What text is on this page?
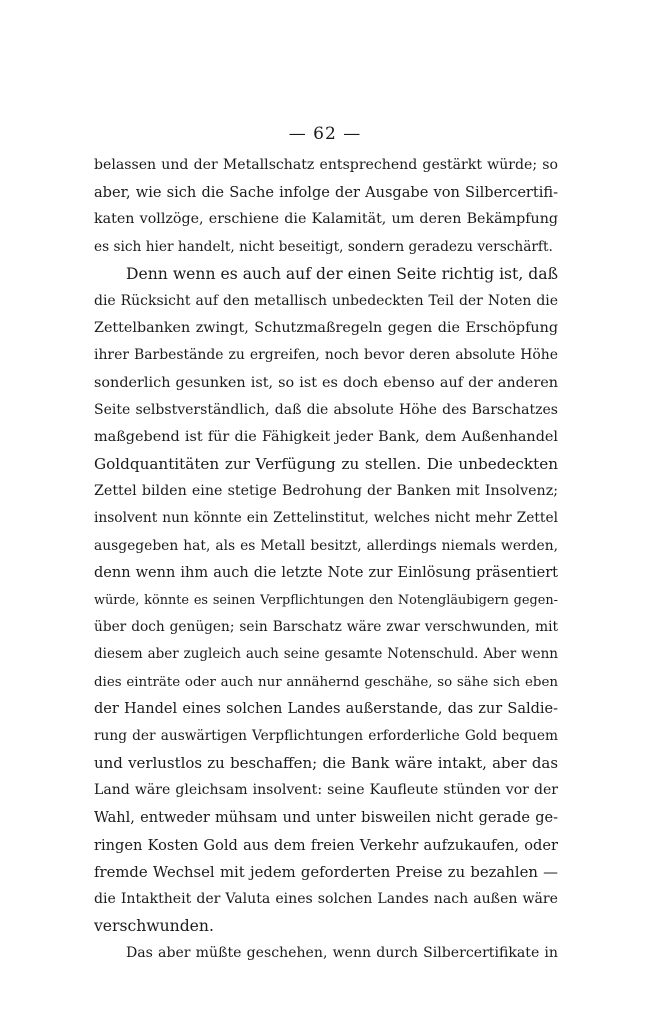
— 62 —
belassen und der Metallschatz entsprechend gestärkt würde; so
aber, wie sich die Sache infolge der Ausgabe von Silbercertifi-
katen vollzöge, erschiene die Kalamität, um deren Bekämpfung
es sich hier handelt, nicht beseitigt, sondern geradezu verschärft.
Denn wenn es auch auf der einen Seite richtig ist, daß
die Rücksicht auf den metallisch unbedeckten Teil der Noten die
Zettelbanken zwingt, Schutzmaßregeln gegen die Erschöpfung
ihrer Barbestände zu ergreifen, noch bevor deren absolute Höhe
sonderlich gesunken ist, so ist es doch ebenso auf der anderen
Seite selbstverständlich, daß die absolute Höhe des Barschatzes
maßgebend ist für die Fähigkeit jeder Bank, dem Außenhandel
Goldquantitäten zur Verfügung zu stellen. Die unbedeckten
Zettel bilden eine stetige Bedrohung der Banken mit Insolvenz;
insolvent nun könnte ein Zettelinstitut, welches nicht mehr Zettel
ausgegeben hat, als es Metall besitzt, allerdings niemals werden,
denn wenn ihm auch die letzte Note zur Einlösung präsentiert
würde, könnte es seinen Verpflichtungen den Notengläubigern gegen-
über doch genügen; sein Barschatz wäre zwar verschwunden, mit
diesem aber zugleich auch seine gesamte Notenschuld. Aber wenn
dies einträte oder auch nur annähernd geschähe, so sähe sich eben
der Handel eines solchen Landes außerstande, das zur Saldie-
rung der auswärtigen Verpflichtungen erforderliche Gold bequem
und verlustlos zu beschaffen; die Bank wäre intakt, aber das
Land wäre gleichsam insolvent: seine Kaufleute stünden vor der
Wahl, entweder mühsam und unter bisweilen nicht gerade ge-
ringen Kosten Gold aus dem freien Verkehr aufzukaufen, oder
fremde Wechsel mit jedem geforderten Preise zu bezahlen —
die Intaktheit der Valuta eines solchen Landes nach außen wäre
verschwunden.
Das aber müßte geschehen, wenn durch Silbercertifikate in
